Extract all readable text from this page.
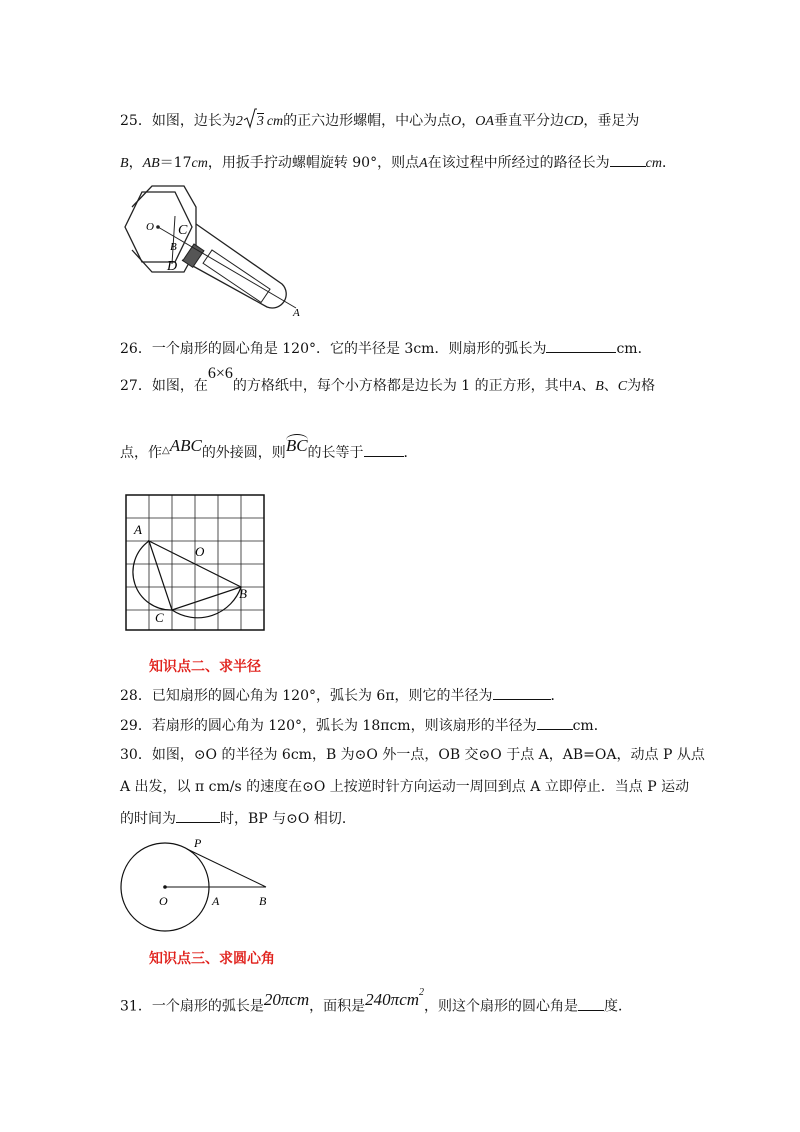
25．如图，边长为2 3 cm的正六边形螺帽，中心为点O，OA垂直平分边CD，垂足为
B，AB＝17cm，用扳手拧动螺帽旋转 90°，则点A在该过程中所经过的路径长为	cm．
O C
B
D
A
26．一个扇形的圆心角是 120°．它的半径是 3cm．则扇形的弧长为	cm．
27．如图，在6×6的方格纸中，每个小方格都是边长为 1 的正方形，其中A、B、C为格
点，作△ABC的外接圆，则BC的长等于	．
A
O
B
C
知识点二、求半径
28．已知扇形的圆心角为 120°，弧长为 6π，则它的半径为	．
29．若扇形的圆心角为 120°，弧长为 18πcm，则该扇形的半径为	cm．
30．如图，⊙O 的半径为 6cm，B 为⊙O 外一点，OB 交⊙O 于点 A，AB=OA，动点 P 从点
A 出发，以 π cm/s 的速度在⊙O 上按逆时针方向运动一周回到点 A 立即停止．当点 P 运动
的时间为	时，BP 与⊙O 相切．
P
O	A	B
知识点三、求圆心角
31．一个扇形的弧长是20πcm，面积是240πcm$^2$，则这个扇形的圆心角是 度．
